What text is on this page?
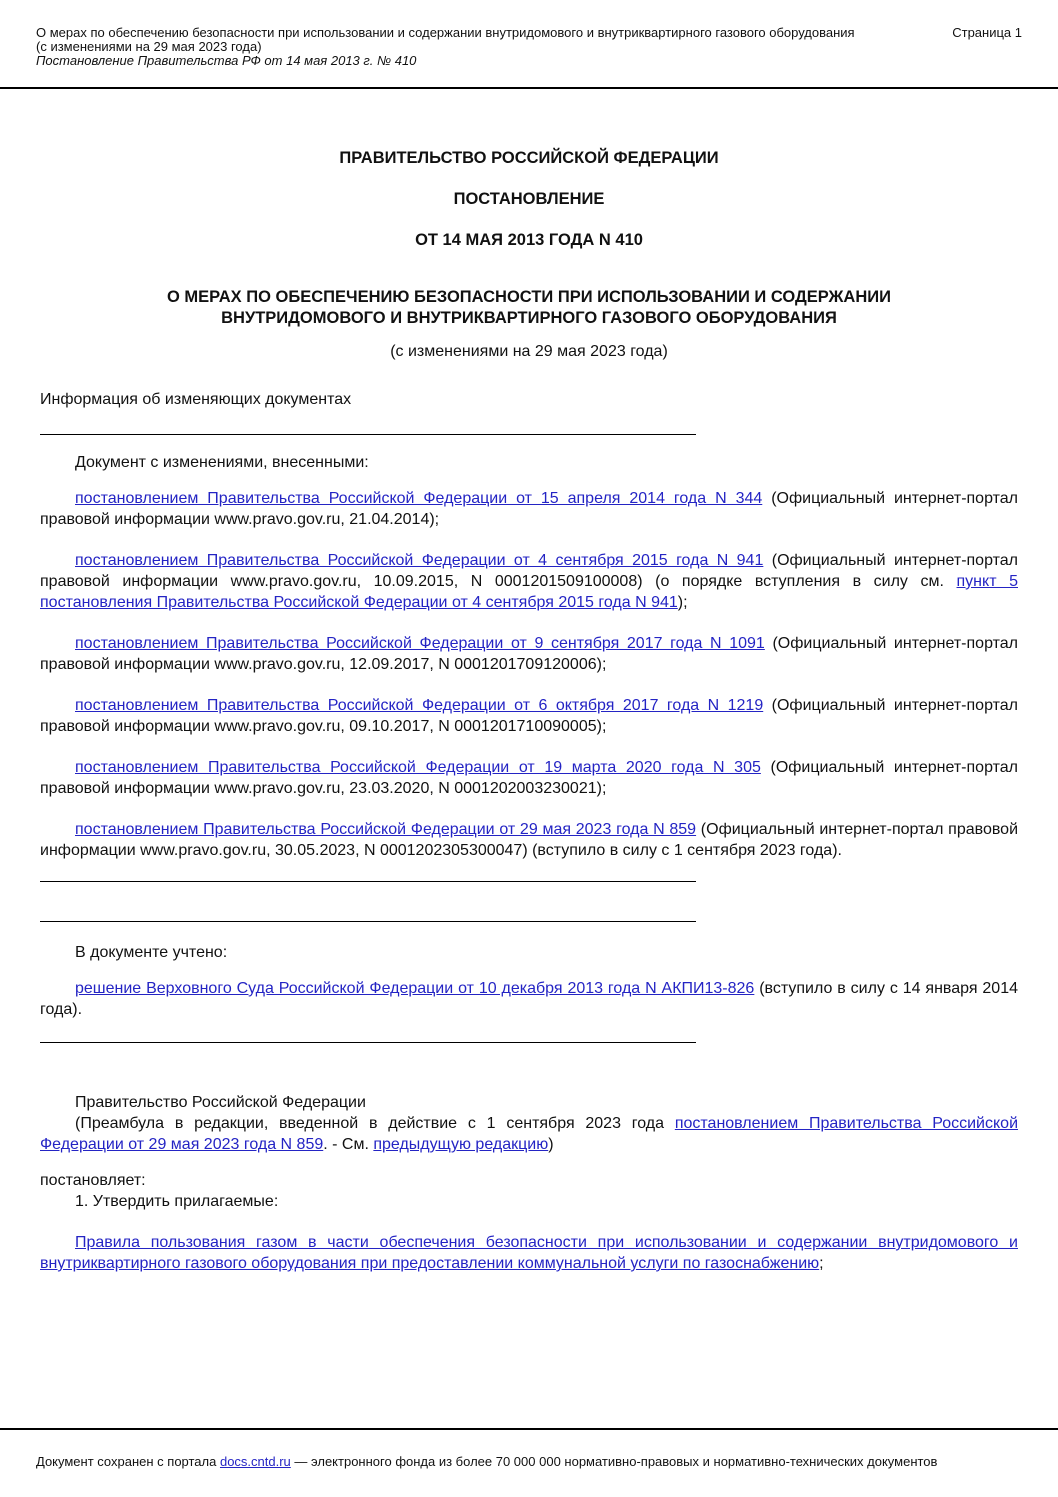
О мерах по обеспечению безопасности при использовании и содержании внутридомового и внутриквартирного газового оборудования (с изменениями на 29 мая 2023 года)
Постановление Правительства РФ от 14 мая 2013 г. № 410
Страница 1
ПРАВИТЕЛЬСТВО РОССИЙСКОЙ ФЕДЕРАЦИИ
ПОСТАНОВЛЕНИЕ
ОТ 14 МАЯ 2013 ГОДА N 410
О МЕРАХ ПО ОБЕСПЕЧЕНИЮ БЕЗОПАСНОСТИ ПРИ ИСПОЛЬЗОВАНИИ И СОДЕРЖАНИИ ВНУТРИДОМОВОГО И ВНУТРИКВАРТИРНОГО ГАЗОВОГО ОБОРУДОВАНИЯ
(с изменениями на 29 мая 2023 года)
Информация об изменяющих документах
Документ с изменениями, внесенными:

постановлением Правительства Российской Федерации от 15 апреля 2014 года N 344 (Официальный интернет-портал правовой информации www.pravo.gov.ru, 21.04.2014);

постановлением Правительства Российской Федерации от 4 сентября 2015 года N 941 (Официальный интернет-портал правовой информации www.pravo.gov.ru, 10.09.2015, N 0001201509100008) (о порядке вступления в силу см. пункт 5 постановления Правительства Российской Федерации от 4 сентября 2015 года N 941);

постановлением Правительства Российской Федерации от 9 сентября 2017 года N 1091 (Официальный интернет-портал правовой информации www.pravo.gov.ru, 12.09.2017, N 0001201709120006);

постановлением Правительства Российской Федерации от 6 октября 2017 года N 1219 (Официальный интернет-портал правовой информации www.pravo.gov.ru, 09.10.2017, N 0001201710090005);

постановлением Правительства Российской Федерации от 19 марта 2020 года N 305 (Официальный интернет-портал правовой информации www.pravo.gov.ru, 23.03.2020, N 0001202003230021);

постановлением Правительства Российской Федерации от 29 мая 2023 года N 859 (Официальный интернет-портал правовой информации www.pravo.gov.ru, 30.05.2023, N 0001202305300047) (вступило в силу с 1 сентября 2023 года).

В документе учтено:

решение Верховного Суда Российской Федерации от 10 декабря 2013 года N АКПИ13-826 (вступило в силу с 14 января 2014 года).

Правительство Российской Федерации

(Преамбула в редакции, введенной в действие с 1 сентября 2023 года постановлением Правительства Российской Федерации от 29 мая 2023 года N 859. - См. предыдущую редакцию)

постановляет:
1. Утвердить прилагаемые:

Правила пользования газом в части обеспечения безопасности при использовании и содержании внутридомового и внутриквартирного газового оборудования при предоставлении коммунальной услуги по газоснабжению;

Документ сохранен с портала docs.cntd.ru — электронного фонда из более 70 000 000 нормативно-правовых и нормативно-технических документов
